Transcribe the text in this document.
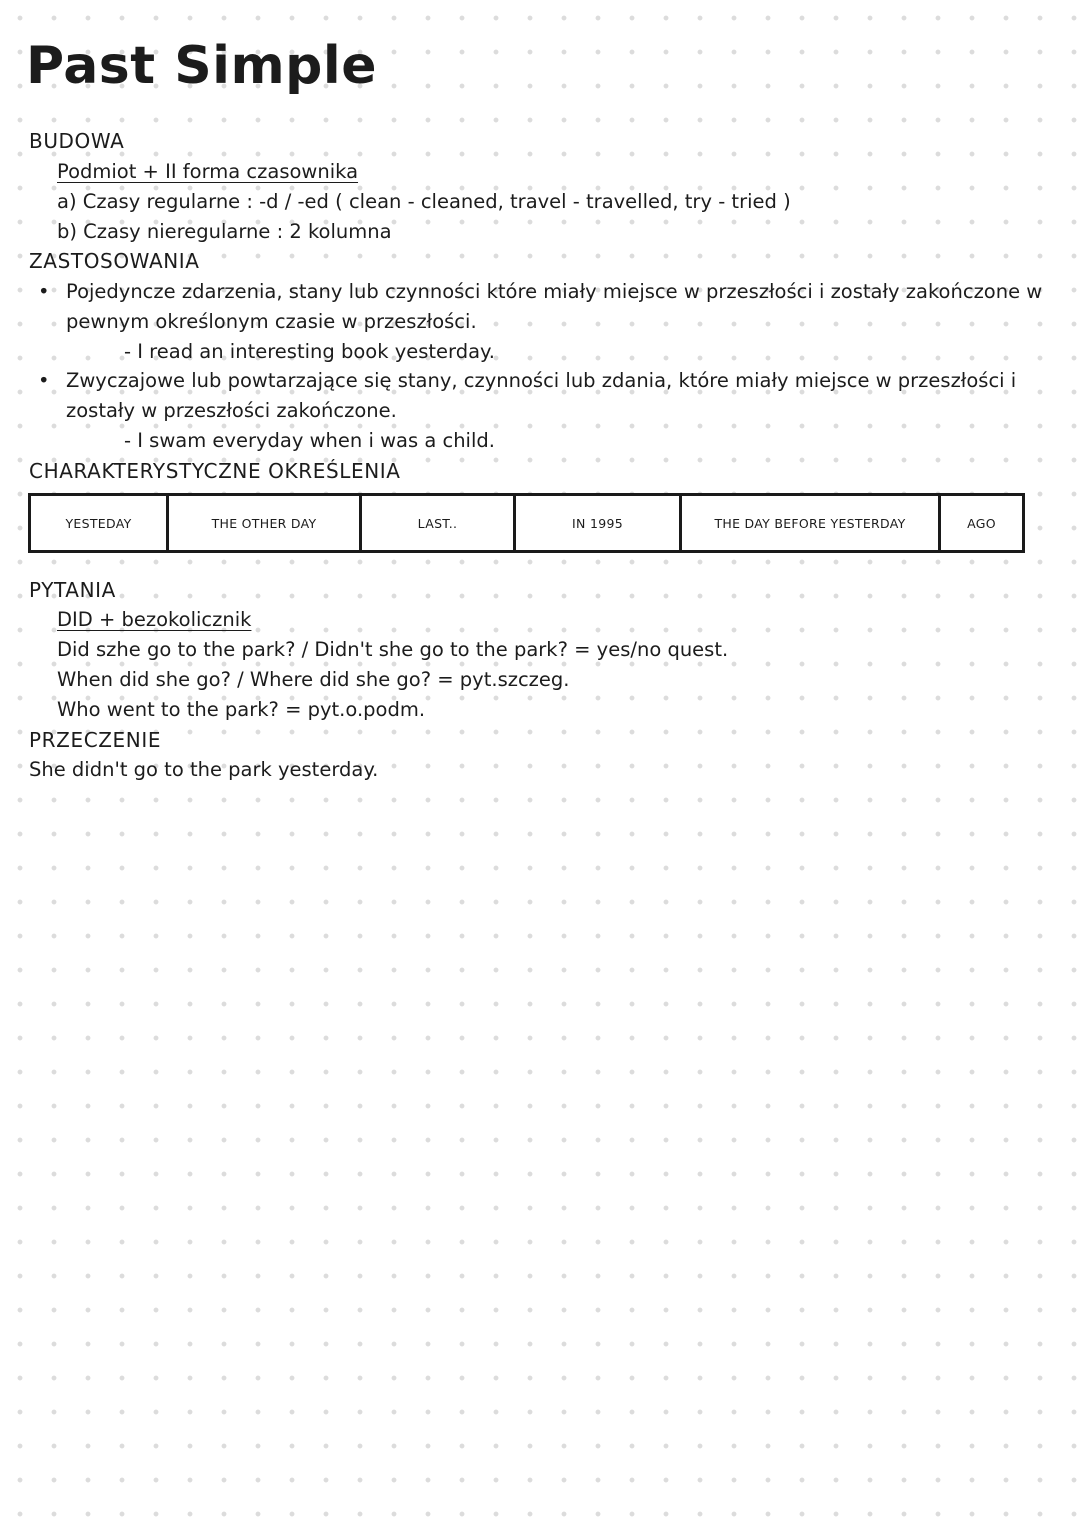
Past Simple
BUDOWA
Podmiot + II forma czasownika
a) Czasy regularne : -d / -ed ( clean - cleaned, travel - travelled, try - tried )
b) Czasy nieregularne : 2 kolumna
ZASTOSOWANIA
• Pojedyncze zdarzenia, stany lub czynności które miały miejsce w przeszłości i zostały zakończone w
pewnym określonym czasie w przeszłości.
- I read an interesting book yesterday.
• Zwyczajowe lub powtarzające się stany, czynności lub zdania, które miały miejsce w przeszłości i
zostały w przeszłości zakończone.
- I swam everyday when i was a child.
CHARAKTERYSTYCZNE OKREŚLENIA
YESTEDAY	THE OTHER DAY	LAST..	IN 1995	THE DAY BEFORE YESTERDAY	AGO
PYTANIA
DID + bezokolicznik
Did szhe go to the park? / Didn't she go to the park? = yes/no quest.
When did she go? / Where did she go? = pyt.szczeg.
Who went to the park? = pyt.o.podm.
PRZECZENIE
She didn't go to the park yesterday.
